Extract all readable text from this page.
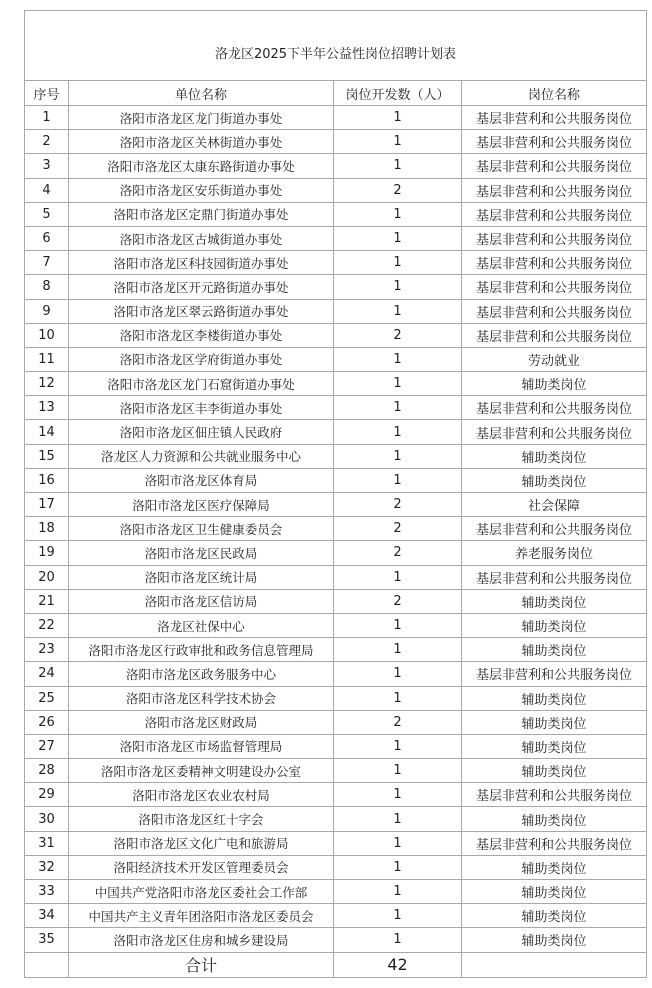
洛龙区2025下半年公益性岗位招聘计划表			
序号	单位名称	岗位开发数（人）	岗位名称
1	洛阳市洛龙区龙门街道办事处	1	基层非营利和公共服务岗位
2	洛阳市洛龙区关林街道办事处	1	基层非营利和公共服务岗位
3	洛阳市洛龙区太康东路街道办事处	1	基层非营利和公共服务岗位
4	洛阳市洛龙区安乐街道办事处	2	基层非营利和公共服务岗位
5	洛阳市洛龙区定鼎门街道办事处	1	基层非营利和公共服务岗位
6	洛阳市洛龙区古城街道办事处	1	基层非营利和公共服务岗位
7	洛阳市洛龙区科技园街道办事处	1	基层非营利和公共服务岗位
8	洛阳市洛龙区开元路街道办事处	1	基层非营利和公共服务岗位
9	洛阳市洛龙区翠云路街道办事处	1	基层非营利和公共服务岗位
10	洛阳市洛龙区李楼街道办事处	2	基层非营利和公共服务岗位
11	洛阳市洛龙区学府街道办事处	1	劳动就业
12	洛阳市洛龙区龙门石窟街道办事处	1	辅助类岗位
13	洛阳市洛龙区丰李街道办事处	1	基层非营利和公共服务岗位
14	洛阳市洛龙区佃庄镇人民政府	1	基层非营利和公共服务岗位
15	洛龙区人力资源和公共就业服务中心	1	辅助类岗位
16	洛阳市洛龙区体育局	1	辅助类岗位
17	洛阳市洛龙区医疗保障局	2	社会保障
18	洛阳市洛龙区卫生健康委员会	2	基层非营利和公共服务岗位
19	洛阳市洛龙区民政局	2	养老服务岗位
20	洛阳市洛龙区统计局	1	基层非营利和公共服务岗位
21	洛阳市洛龙区信访局	2	辅助类岗位
22	洛龙区社保中心	1	辅助类岗位
23	洛阳市洛龙区行政审批和政务信息管理局	1	辅助类岗位
24	洛阳市洛龙区政务服务中心	1	基层非营利和公共服务岗位
25	洛阳市洛龙区科学技术协会	1	辅助类岗位
26	洛阳市洛龙区财政局	2	辅助类岗位
27	洛阳市洛龙区市场监督管理局	1	辅助类岗位
28	洛阳市洛龙区委精神文明建设办公室	1	辅助类岗位
29	洛阳市洛龙区农业农村局	1	基层非营利和公共服务岗位
30	洛阳市洛龙区红十字会	1	辅助类岗位
31	洛阳市洛龙区文化广电和旅游局	1	基层非营利和公共服务岗位
32	洛阳经济技术开发区管理委员会	1	辅助类岗位
33	中国共产党洛阳市洛龙区委社会工作部	1	辅助类岗位
34	中国共产主义青年团洛阳市洛龙区委员会	1	辅助类岗位
35	洛阳市洛龙区住房和城乡建设局	1	辅助类岗位
	合计	42	
